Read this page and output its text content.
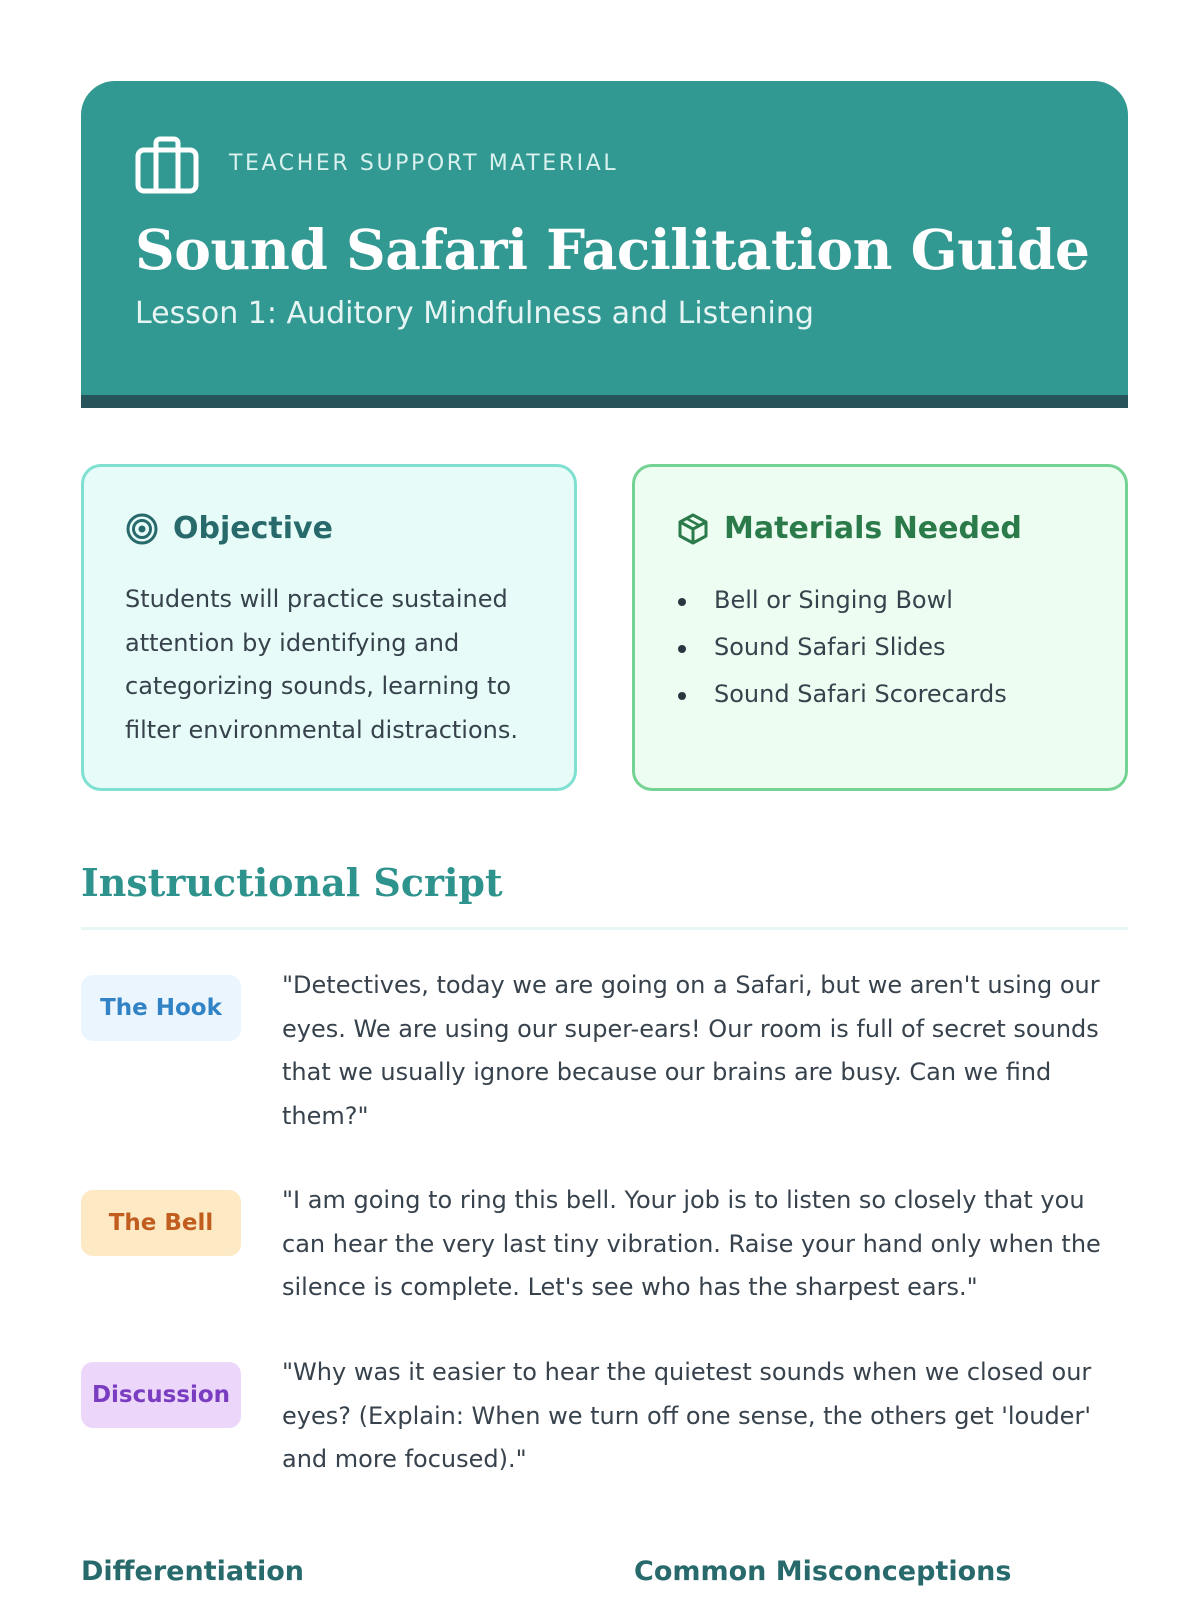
TEACHER SUPPORT MATERIAL
Sound Safari Facilitation Guide
Lesson 1: Auditory Mindfulness and Listening
Objective
Students will practice sustained attention by identifying and categorizing sounds, learning to filter environmental distractions.
Materials Needed
Bell or Singing Bowl
Sound Safari Slides
Sound Safari Scorecards
Instructional Script
The Hook
"Detectives, today we are going on a Safari, but we aren't using our eyes. We are using our super-ears! Our room is full of secret sounds that we usually ignore because our brains are busy. Can we find them?"
The Bell
"I am going to ring this bell. Your job is to listen so closely that you can hear the very last tiny vibration. Raise your hand only when the silence is complete. Let's see who has the sharpest ears."
Discussion
"Why was it easier to hear the quietest sounds when we closed our eyes? (Explain: When we turn off one sense, the others get 'louder' and more focused)."
Differentiation	Common Misconceptions
